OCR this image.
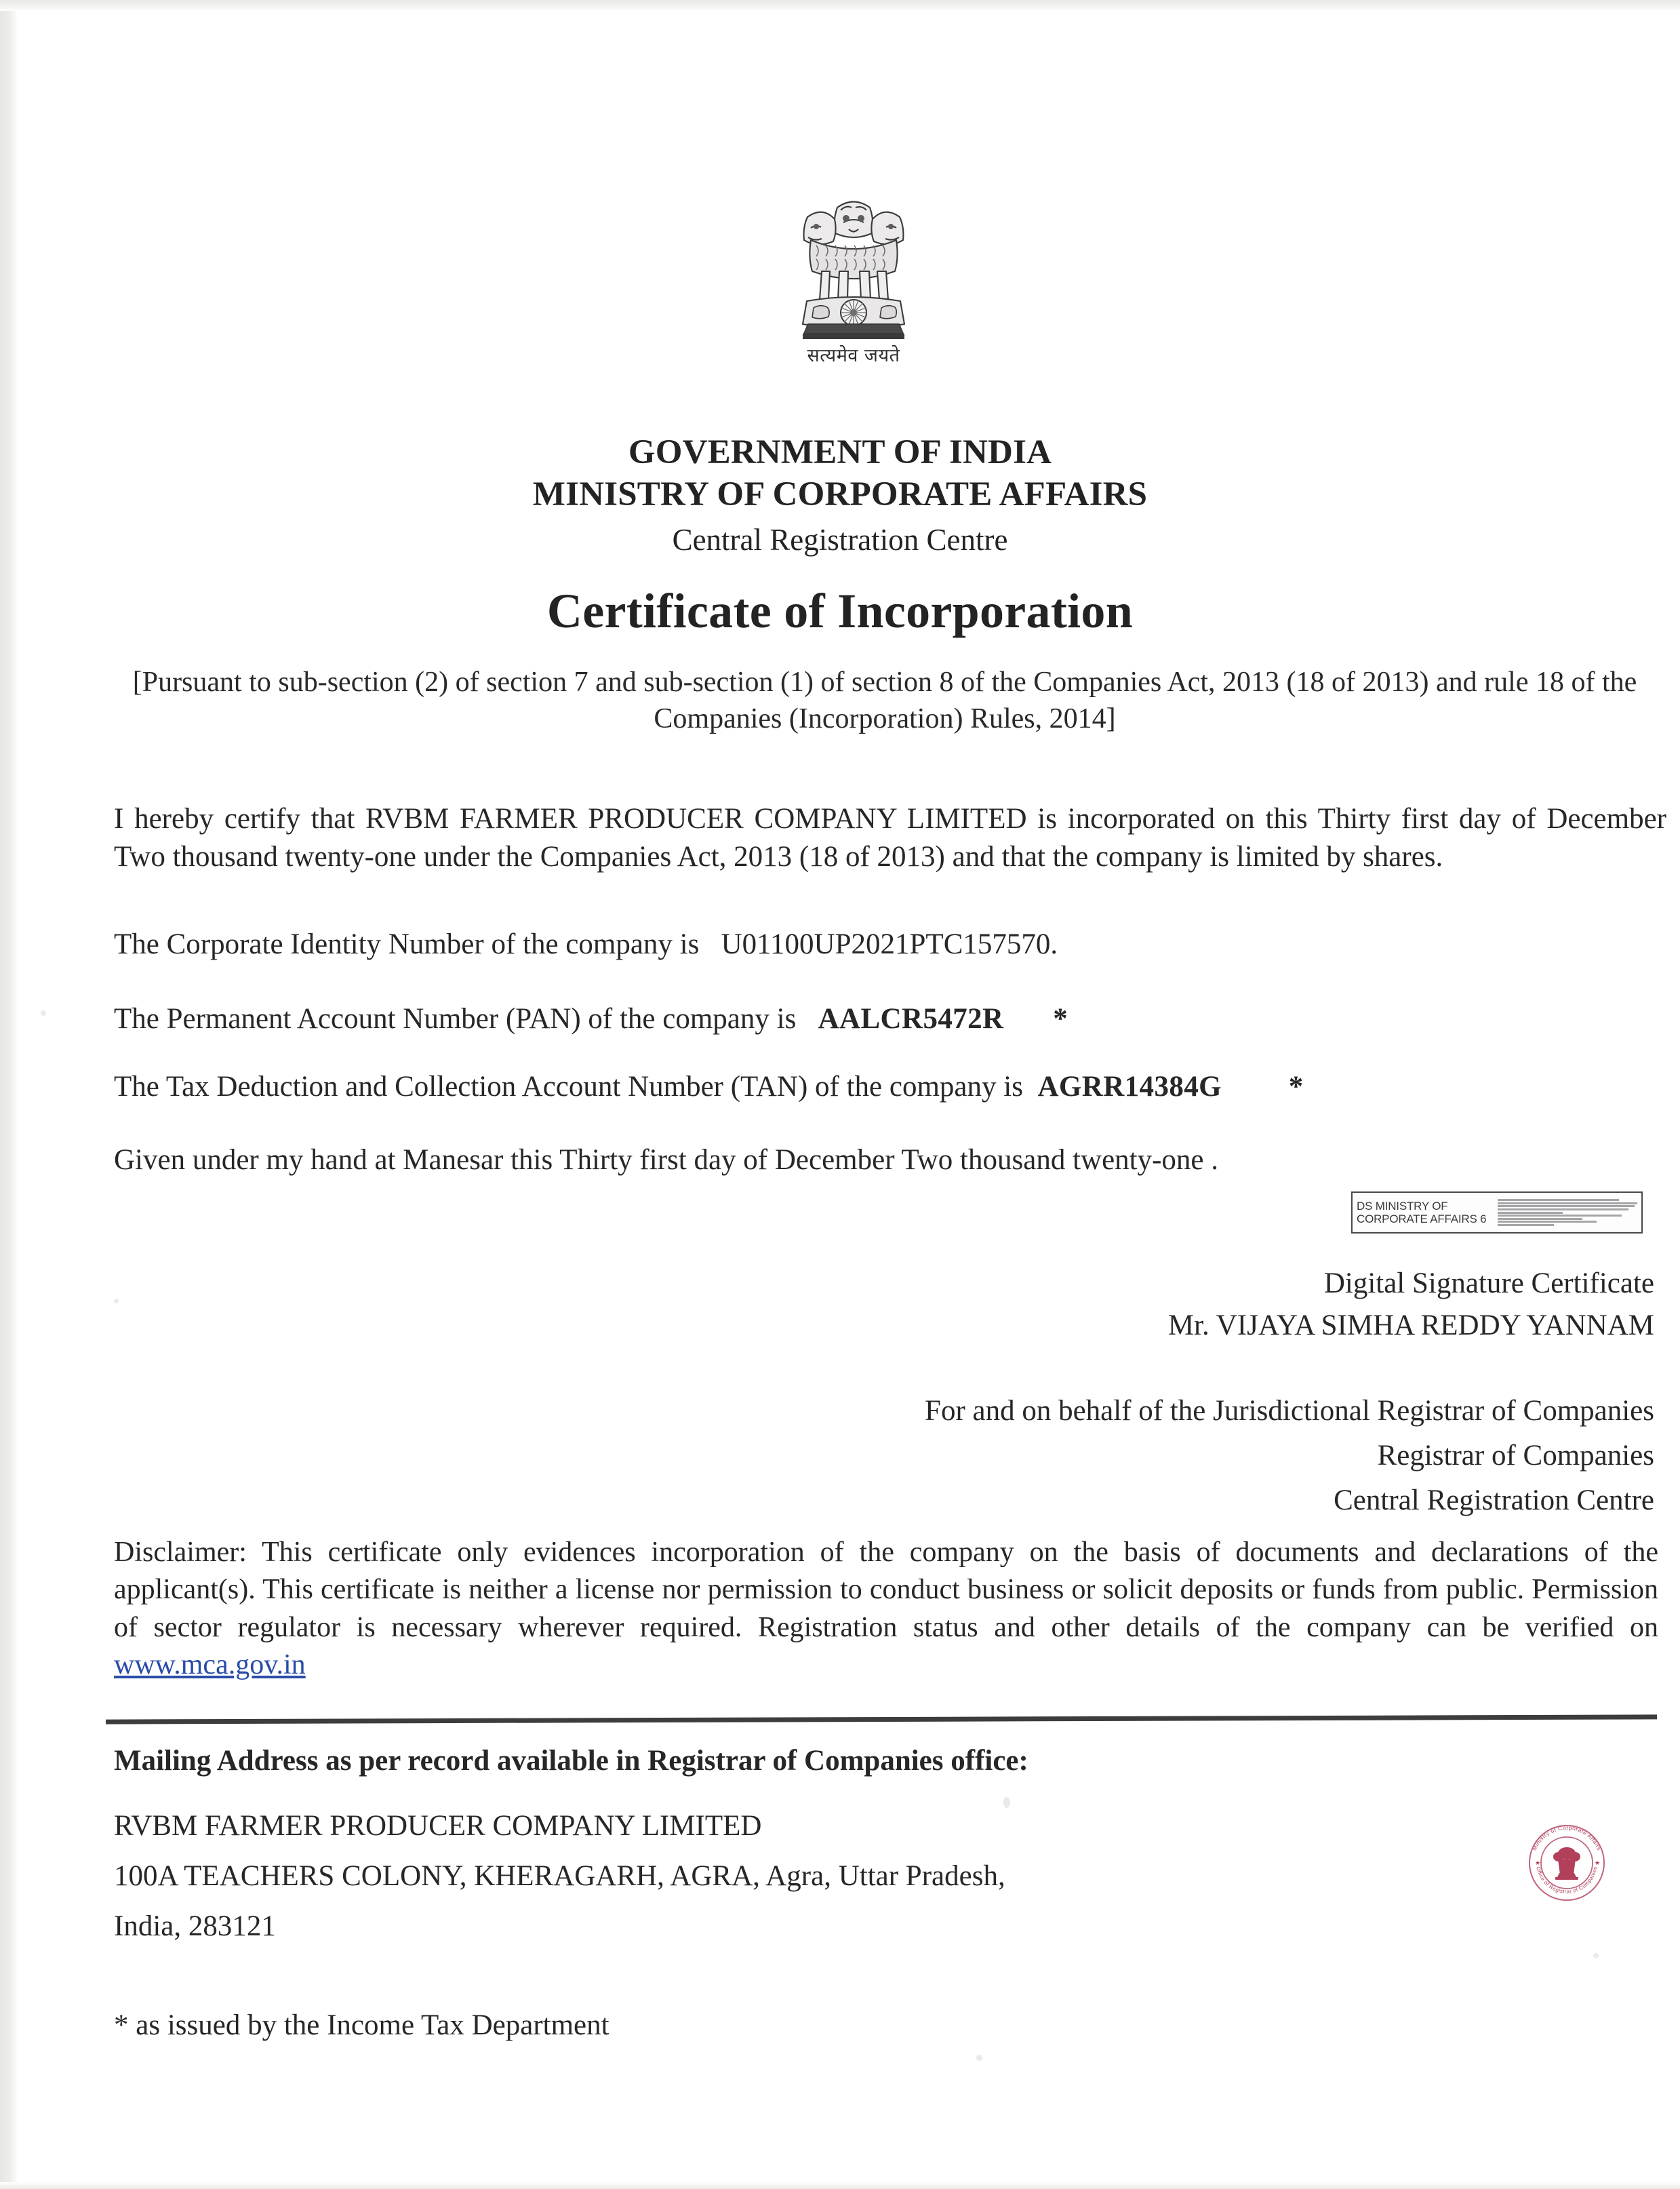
सत्यमेव जयते
GOVERNMENT OF INDIA
MINISTRY OF CORPORATE AFFAIRS
Central Registration Centre
Certificate of Incorporation
[Pursuant to sub-section (2) of section 7 and sub-section (1) of section 8 of the Companies Act, 2013 (18 of 2013) and rule 18 of the Companies (Incorporation) Rules, 2014]
I hereby certify that RVBM FARMER PRODUCER COMPANY LIMITED is incorporated on this Thirty first day of December Two thousand twenty-one under the Companies Act, 2013 (18 of 2013) and that the company is limited by shares.
The Corporate Identity Number of the company is U01100UP2021PTC157570.
The Permanent Account Number (PAN) of the company is AALCR5472R *
The Tax Deduction and Collection Account Number (TAN) of the company is AGRR14384G *
Given under my hand at Manesar this Thirty first day of December Two thousand twenty-one .
DS MINISTRY OF
CORPORATE AFFAIRS 6
Digital Signature Certificate
Mr. VIJAYA SIMHA REDDY YANNAM
For and on behalf of the Jurisdictional Registrar of Companies
Registrar of Companies
Central Registration Centre
Disclaimer: This certificate only evidences incorporation of the company on the basis of documents and declarations of the applicant(s). This certificate is neither a license nor permission to conduct business or solicit deposits or funds from public. Permission of sector regulator is necessary wherever required. Registration status and other details of the company can be verified on www.mca.gov.in
Mailing Address as per record available in Registrar of Companies office:
RVBM FARMER PRODUCER COMPANY LIMITED
100A TEACHERS COLONY, KHERAGARH, AGRA, Agra, Uttar Pradesh,
India, 283121
Ministry of Corporate Affairs
Office of Registrar of Companies
★	★
* as issued by the Income Tax Department
